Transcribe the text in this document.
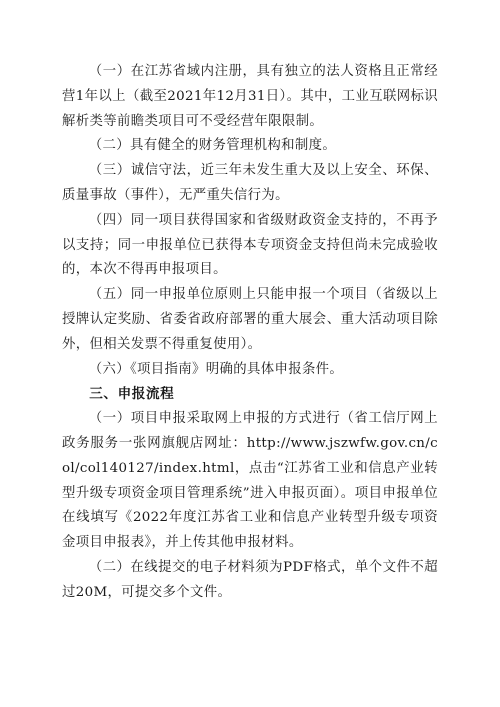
（一）在江苏省域内注册，具有独立的法人资格且正常经营1年以上（截至2021年12月31日）。其中，工业互联网标识解析类等前瞻类项目可不受经营年限限制。

（二）具有健全的财务管理机构和制度。

（三）诚信守法，近三年未发生重大及以上安全、环保、质量事故（事件），无严重失信行为。

（四）同一项目获得国家和省级财政资金支持的，不再予以支持；同一申报单位已获得本专项资金支持但尚未完成验收的，本次不得再申报项目。

（五）同一申报单位原则上只能申报一个项目（省级以上授牌认定奖励、省委省政府部署的重大展会、重大活动项目除外，但相关发票不得重复使用）。

（六）《项目指南》明确的具体申报条件。

三、申报流程

（一）项目申报采取网上申报的方式进行（省工信厅网上政务服务一张网旗舰店网址：http://www.jszwfw.gov.cn/col/col140127/index.html，点击“江苏省工业和信息产业转型升级专项资金项目管理系统”进入申报页面）。项目申报单位在线填写《2022年度江苏省工业和信息产业转型升级专项资金项目申报表》，并上传其他申报材料。

（二）在线提交的电子材料须为PDF格式，单个文件不超过20M，可提交多个文件。
